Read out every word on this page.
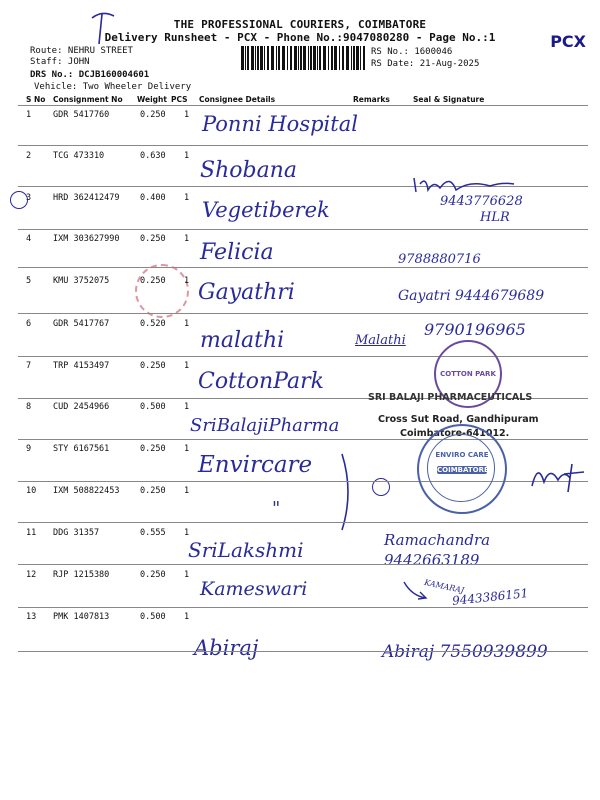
THE PROFESSIONAL COURIERS, COIMBATORE
Delivery Runsheet - PCX - Phone No.:9047080280 - Page No.:1	PCX
Route: NEHRU STREET
Staff: JOHN
DRS No.: DCJB160004601
Vehicle: Two Wheeler Delivery
RS No.: 1600046
RS Date: 21-Aug-2025
S No Consignment No Weight PCS Consignee Details	Remarks	Seal & Signature
1	GDR 5417760	0.250 1 Ponni Hospital
2	TCG 473310	0.630 1
Shobana
3	HRD 362412479 0.400 1 Vegetiberek	9443776628
HLR
4	IXM 303627990 0.250 1
Felicia	9788880716
5	KMU 3752075	0.250 1 Gayathri	Gayatri 9444679689
6	GDR 5417767	0.520 1
malathi	Malathi
9790196965
COTTON PARK
7	TRP 4153497	0.250 1
CottonPark
SRI BALAJI PHARMACEUTICALS
Cross Sut Road, Gandhipuram
Coimbatore-641012.
8	CUD 2454966	0.500 1
SriBalajiPharma
9	STY 6167561	0.250 1
Envircare	ENVIRO CARE
COIMBATORE
10 IXM 508822453 0.250 1
"
11 DDG 31357	0.555 1
SriLakshmi	Ramachandra 9442663189
12 RJP 1215380	0.250 1
Kameswari	KAMARAJ
9443386151
13 PMK 1407813	0.500 1
Abiraj	Abiraj 7550939899
